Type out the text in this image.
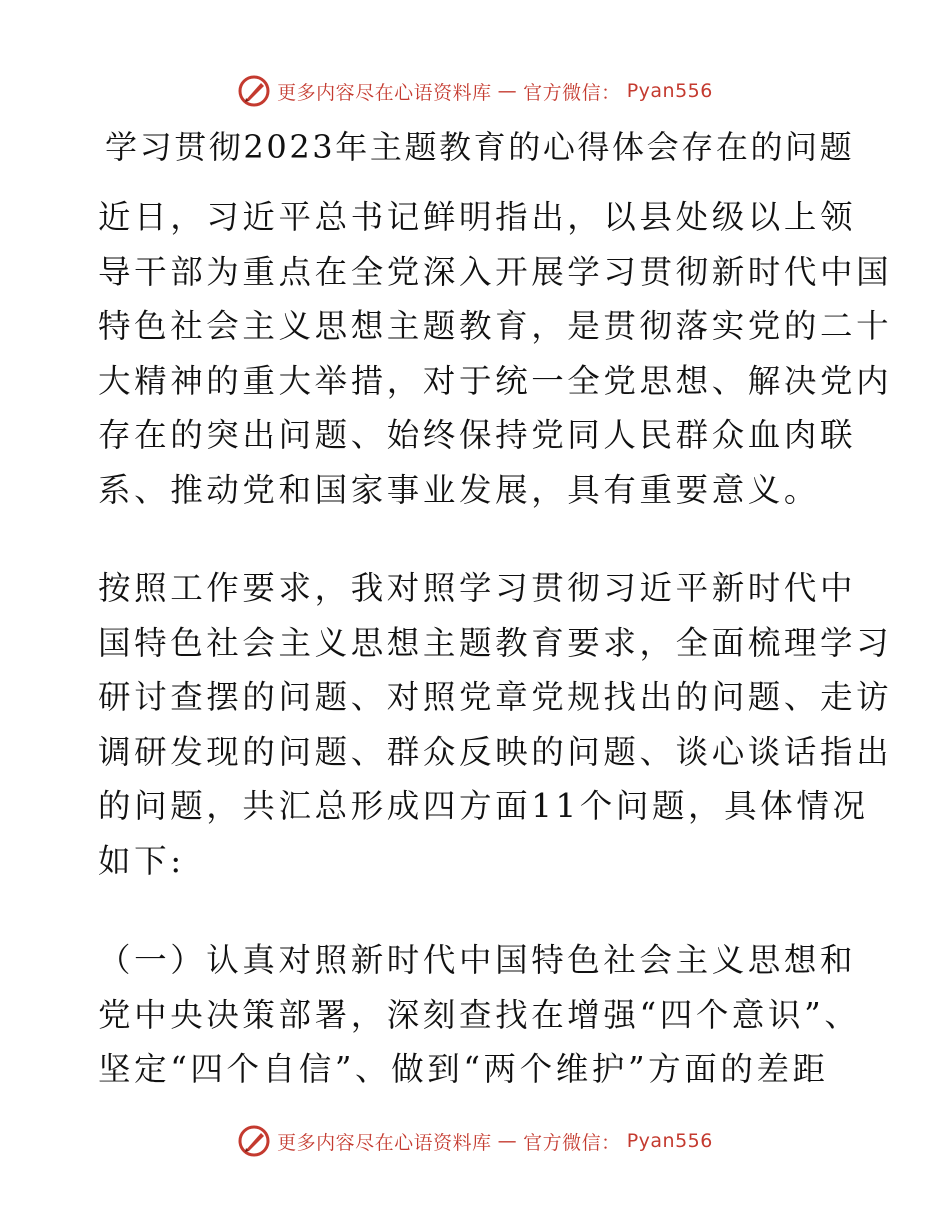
更多内容尽在心语资料库 — 官方微信： Pyan556
学习贯彻2023年主题教育的心得体会存在的问题

近日，习近平总书记鲜明指出，以县处级以上领
导干部为重点在全党深入开展学习贯彻新时代中国
特色社会主义思想主题教育，是贯彻落实党的二十
大精神的重大举措，对于统一全党思想、解决党内
存在的突出问题、始终保持党同人民群众血肉联
系、推动党和国家事业发展，具有重要意义。

按照工作要求，我对照学习贯彻习近平新时代中
国特色社会主义思想主题教育要求，全面梳理学习
研讨查摆的问题、对照党章党规找出的问题、走访
调研发现的问题、群众反映的问题、谈心谈话指出
的问题，共汇总形成四方面11个问题，具体情况
如下:

（一）认真对照新时代中国特色社会主义思想和
党中央决策部署，深刻查找在增强“四个意识”、
坚定“四个自信”、做到“两个维护”方面的差距

更多内容尽在心语资料库 — 官方微信： Pyan556
